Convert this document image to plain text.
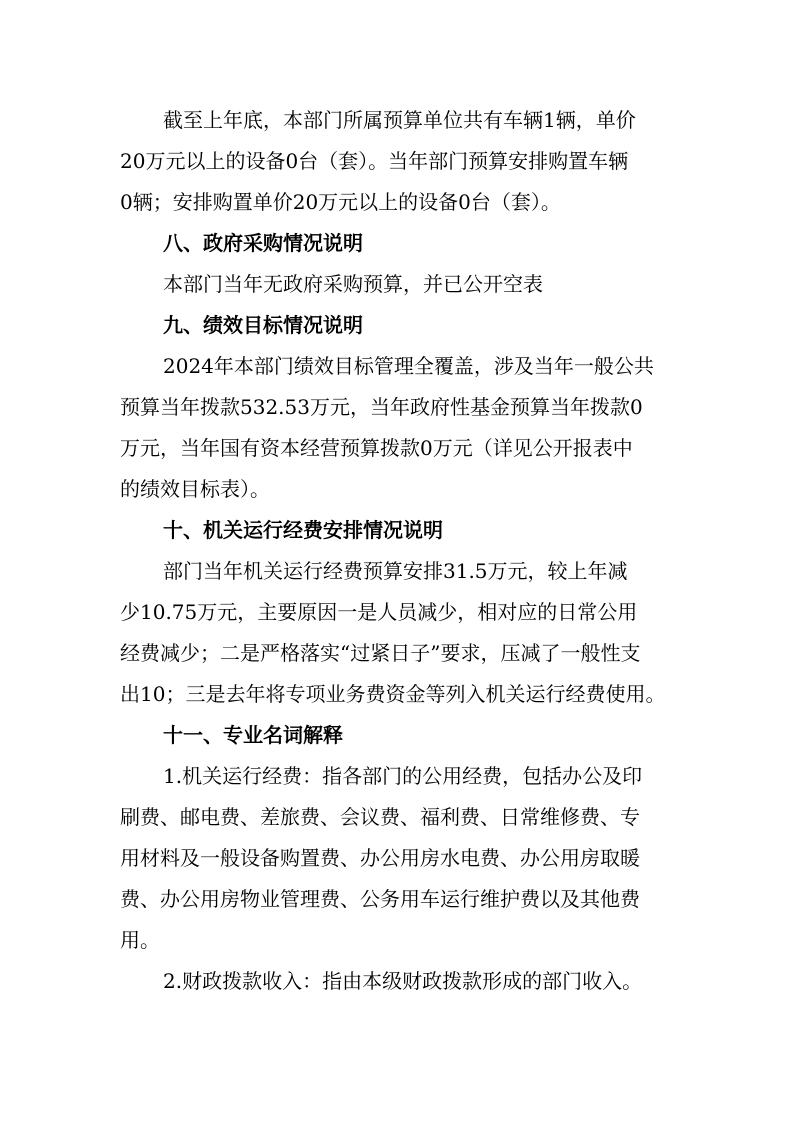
截至上年底，本部门所属预算单位共有车辆1辆，单价
20万元以上的设备0台（套）。当年部门预算安排购置车辆
0辆；安排购置单价20万元以上的设备0台（套）。
八、政府采购情况说明
本部门当年无政府采购预算，并已公开空表
九、绩效目标情况说明
2024年本部门绩效目标管理全覆盖，涉及当年一般公共
预算当年拨款532.53万元，当年政府性基金预算当年拨款0
万元，当年国有资本经营预算拨款0万元（详见公开报表中
的绩效目标表）。
十、机关运行经费安排情况说明
部门当年机关运行经费预算安排31.5万元，较上年减
少10.75万元，主要原因一是人员减少，相对应的日常公用
经费减少；二是严格落实“过紧日子”要求，压减了一般性支
出10；三是去年将专项业务费资金等列入机关运行经费使用。
十一、专业名词解释
1.机关运行经费：指各部门的公用经费，包括办公及印
刷费、邮电费、差旅费、会议费、福利费、日常维修费、专
用材料及一般设备购置费、办公用房水电费、办公用房取暖
费、办公用房物业管理费、公务用车运行维护费以及其他费
用。
2.财政拨款收入：指由本级财政拨款形成的部门收入。
